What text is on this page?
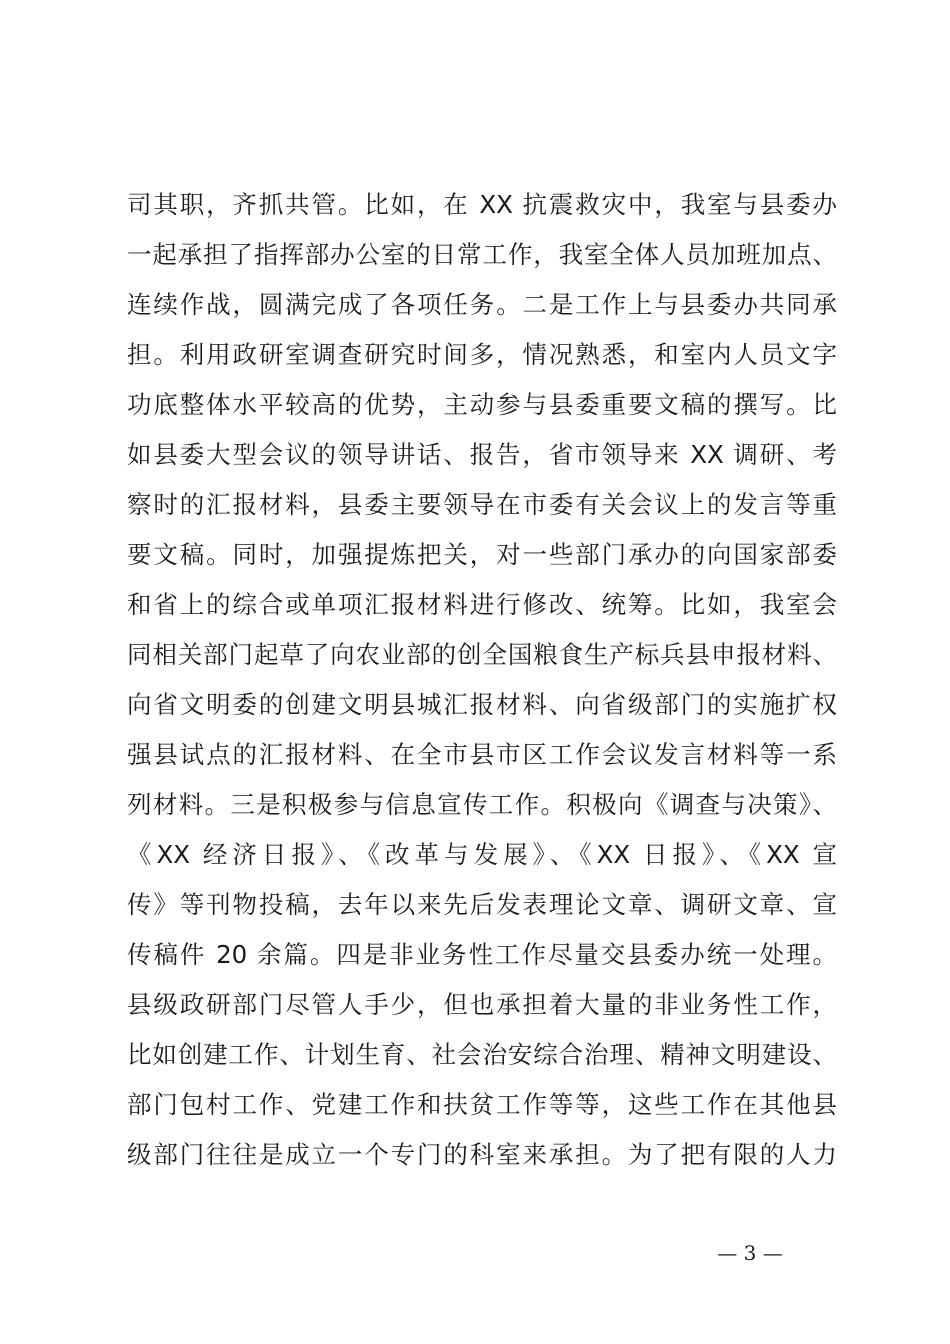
司其职，齐抓共管。比如，在 XX 抗震救灾中，我室与县委办
一起承担了指挥部办公室的日常工作，我室全体人员加班加点、
连续作战，圆满完成了各项任务。二是工作上与县委办共同承
担。利用政研室调查研究时间多，情况熟悉，和室内人员文字
功底整体水平较高的优势，主动参与县委重要文稿的撰写。比
如县委大型会议的领导讲话、报告，省市领导来 XX 调研、考
察时的汇报材料，县委主要领导在市委有关会议上的发言等重
要文稿。同时，加强提炼把关，对一些部门承办的向国家部委
和省上的综合或单项汇报材料进行修改、统筹。比如，我室会
同相关部门起草了向农业部的创全国粮食生产标兵县申报材料、
向省文明委的创建文明县城汇报材料、向省级部门的实施扩权
强县试点的汇报材料、在全市县市区工作会议发言材料等一系
列材料。三是积极参与信息宣传工作。积极向《调查与决策》、
《XX 经济日报》、《改革与发展》、《XX 日报》、《XX 宣
传》等刊物投稿，去年以来先后发表理论文章、调研文章、宣
传稿件 20 余篇。四是非业务性工作尽量交县委办统一处理。
县级政研部门尽管人手少，但也承担着大量的非业务性工作，
比如创建工作、计划生育、社会治安综合治理、精神文明建设、
部门包村工作、党建工作和扶贫工作等等，这些工作在其他县
级部门往往是成立一个专门的科室来承担。为了把有限的人力
— 3 —
